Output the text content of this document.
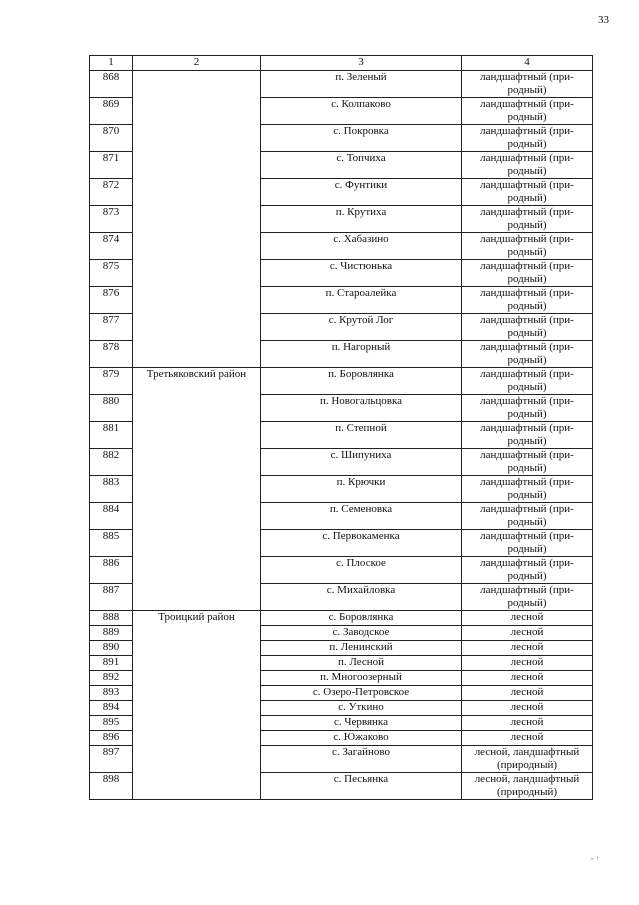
33
1	2	3	4
868		п. Зеленый	ландшафтный (при-родный)
869		с. Колпаково	ландшафтный (при-родный)
870		с. Покровка	ландшафтный (при-родный)
871		с. Топчиха	ландшафтный (при-родный)
872		с. Фунтики	ландшафтный (при-родный)
873		п. Крутиха	ландшафтный (при-родный)
874		с. Хабазино	ландшафтный (при-родный)
875		с. Чистюнька	ландшафтный (при-родный)
876		п. Староалейка	ландшафтный (при-родный)
877		с. Крутой Лог	ландшафтный (при-родный)
878		п. Нагорный	ландшафтный (при-родный)
879	Третьяковский район	п. Боровлянка	ландшафтный (при-родный)
880		п. Новогальцовка	ландшафтный (при-родный)
881		п. Степной	ландшафтный (при-родный)
882		с. Шипуниха	ландшафтный (при-родный)
883		п. Крючки	ландшафтный (при-родный)
884		п. Семеновка	ландшафтный (при-родный)
885		с. Первокаменка	ландшафтный (при-родный)
886		с. Плоское	ландшафтный (при-родный)
887		с. Михайловка	ландшафтный (при-родный)
888	Троицкий район	с. Боровлянка	лесной
889		с. Заводское	лесной
890		п. Ленинский	лесной
891		п. Лесной	лесной
892		п. Многоозерный	лесной
893		с. Озеро-Петровское	лесной
894		с. Уткино	лесной
895		с. Червянка	лесной
896		с. Южаково	лесной
897		с. Загайново	лесной, ландшафтный (природный)
898		с. Песьянка	лесной, ландшафтный (природный)
‑ ·
